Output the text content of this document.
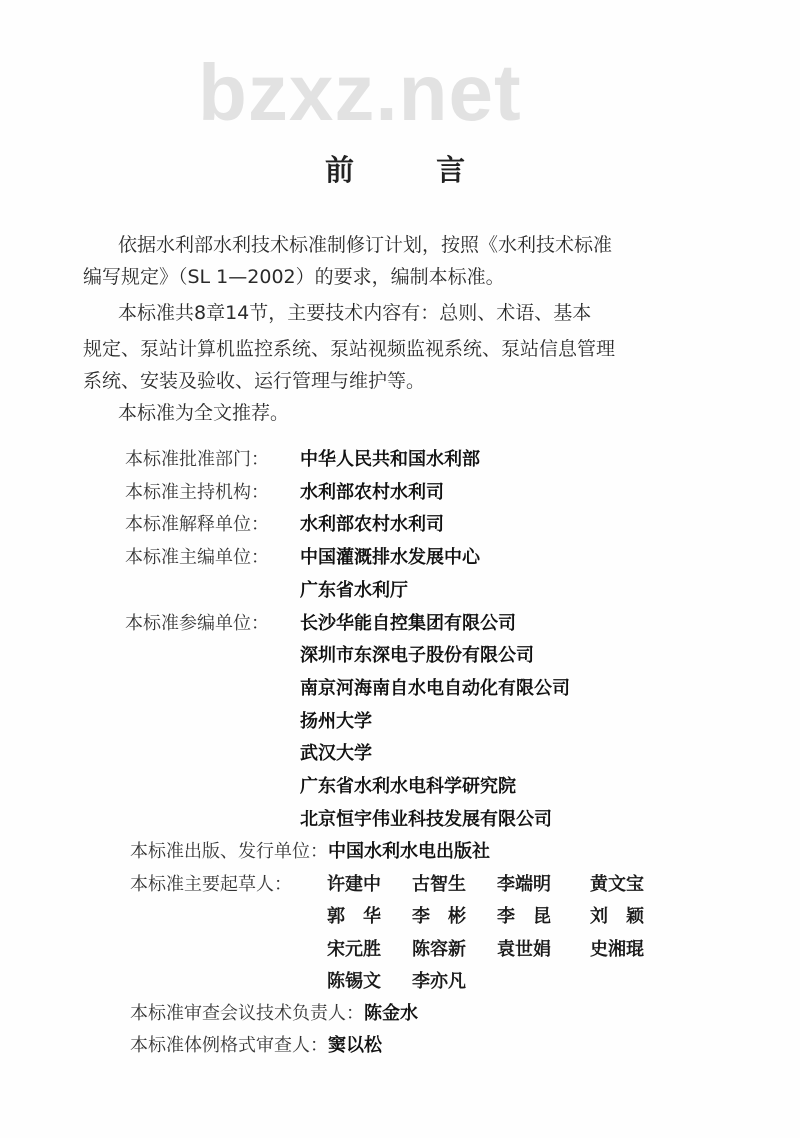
bzxz.net
前 言
依据水利部水利技术标准制修订计划，按照《水利技术标准
编写规定》（SL 1—2002）的要求，编制本标准。
本标准共8章14节，主要技术内容有：总则、术语、基本
规定、泵站计算机监控系统、泵站视频监视系统、泵站信息管理
系统、安装及验收、运行管理与维护等。
本标准为全文推荐。
本标准批准部门： 中华人民共和国水利部
本标准主持机构： 水利部农村水利司
本标准解释单位： 水利部农村水利司
本标准主编单位： 中国灌溉排水发展中心
广东省水利厅
本标准参编单位： 长沙华能自控集团有限公司
深圳市东深电子股份有限公司
南京河海南自水电自动化有限公司
扬州大学
武汉大学
广东省水利水电科学研究院
北京恒宇伟业科技发展有限公司
本标准出版、发行单位：中国水利水电出版社
本标准主要起草人： 许建中 古智生 李端明 黄文宝
郭　华 李　彬 李　昆 刘　颖
宋元胜 陈容新 袁世娟 史湘琨
陈锡文 李亦凡
本标准审查会议技术负责人：陈金水
本标准体例格式审查人：窦以松
